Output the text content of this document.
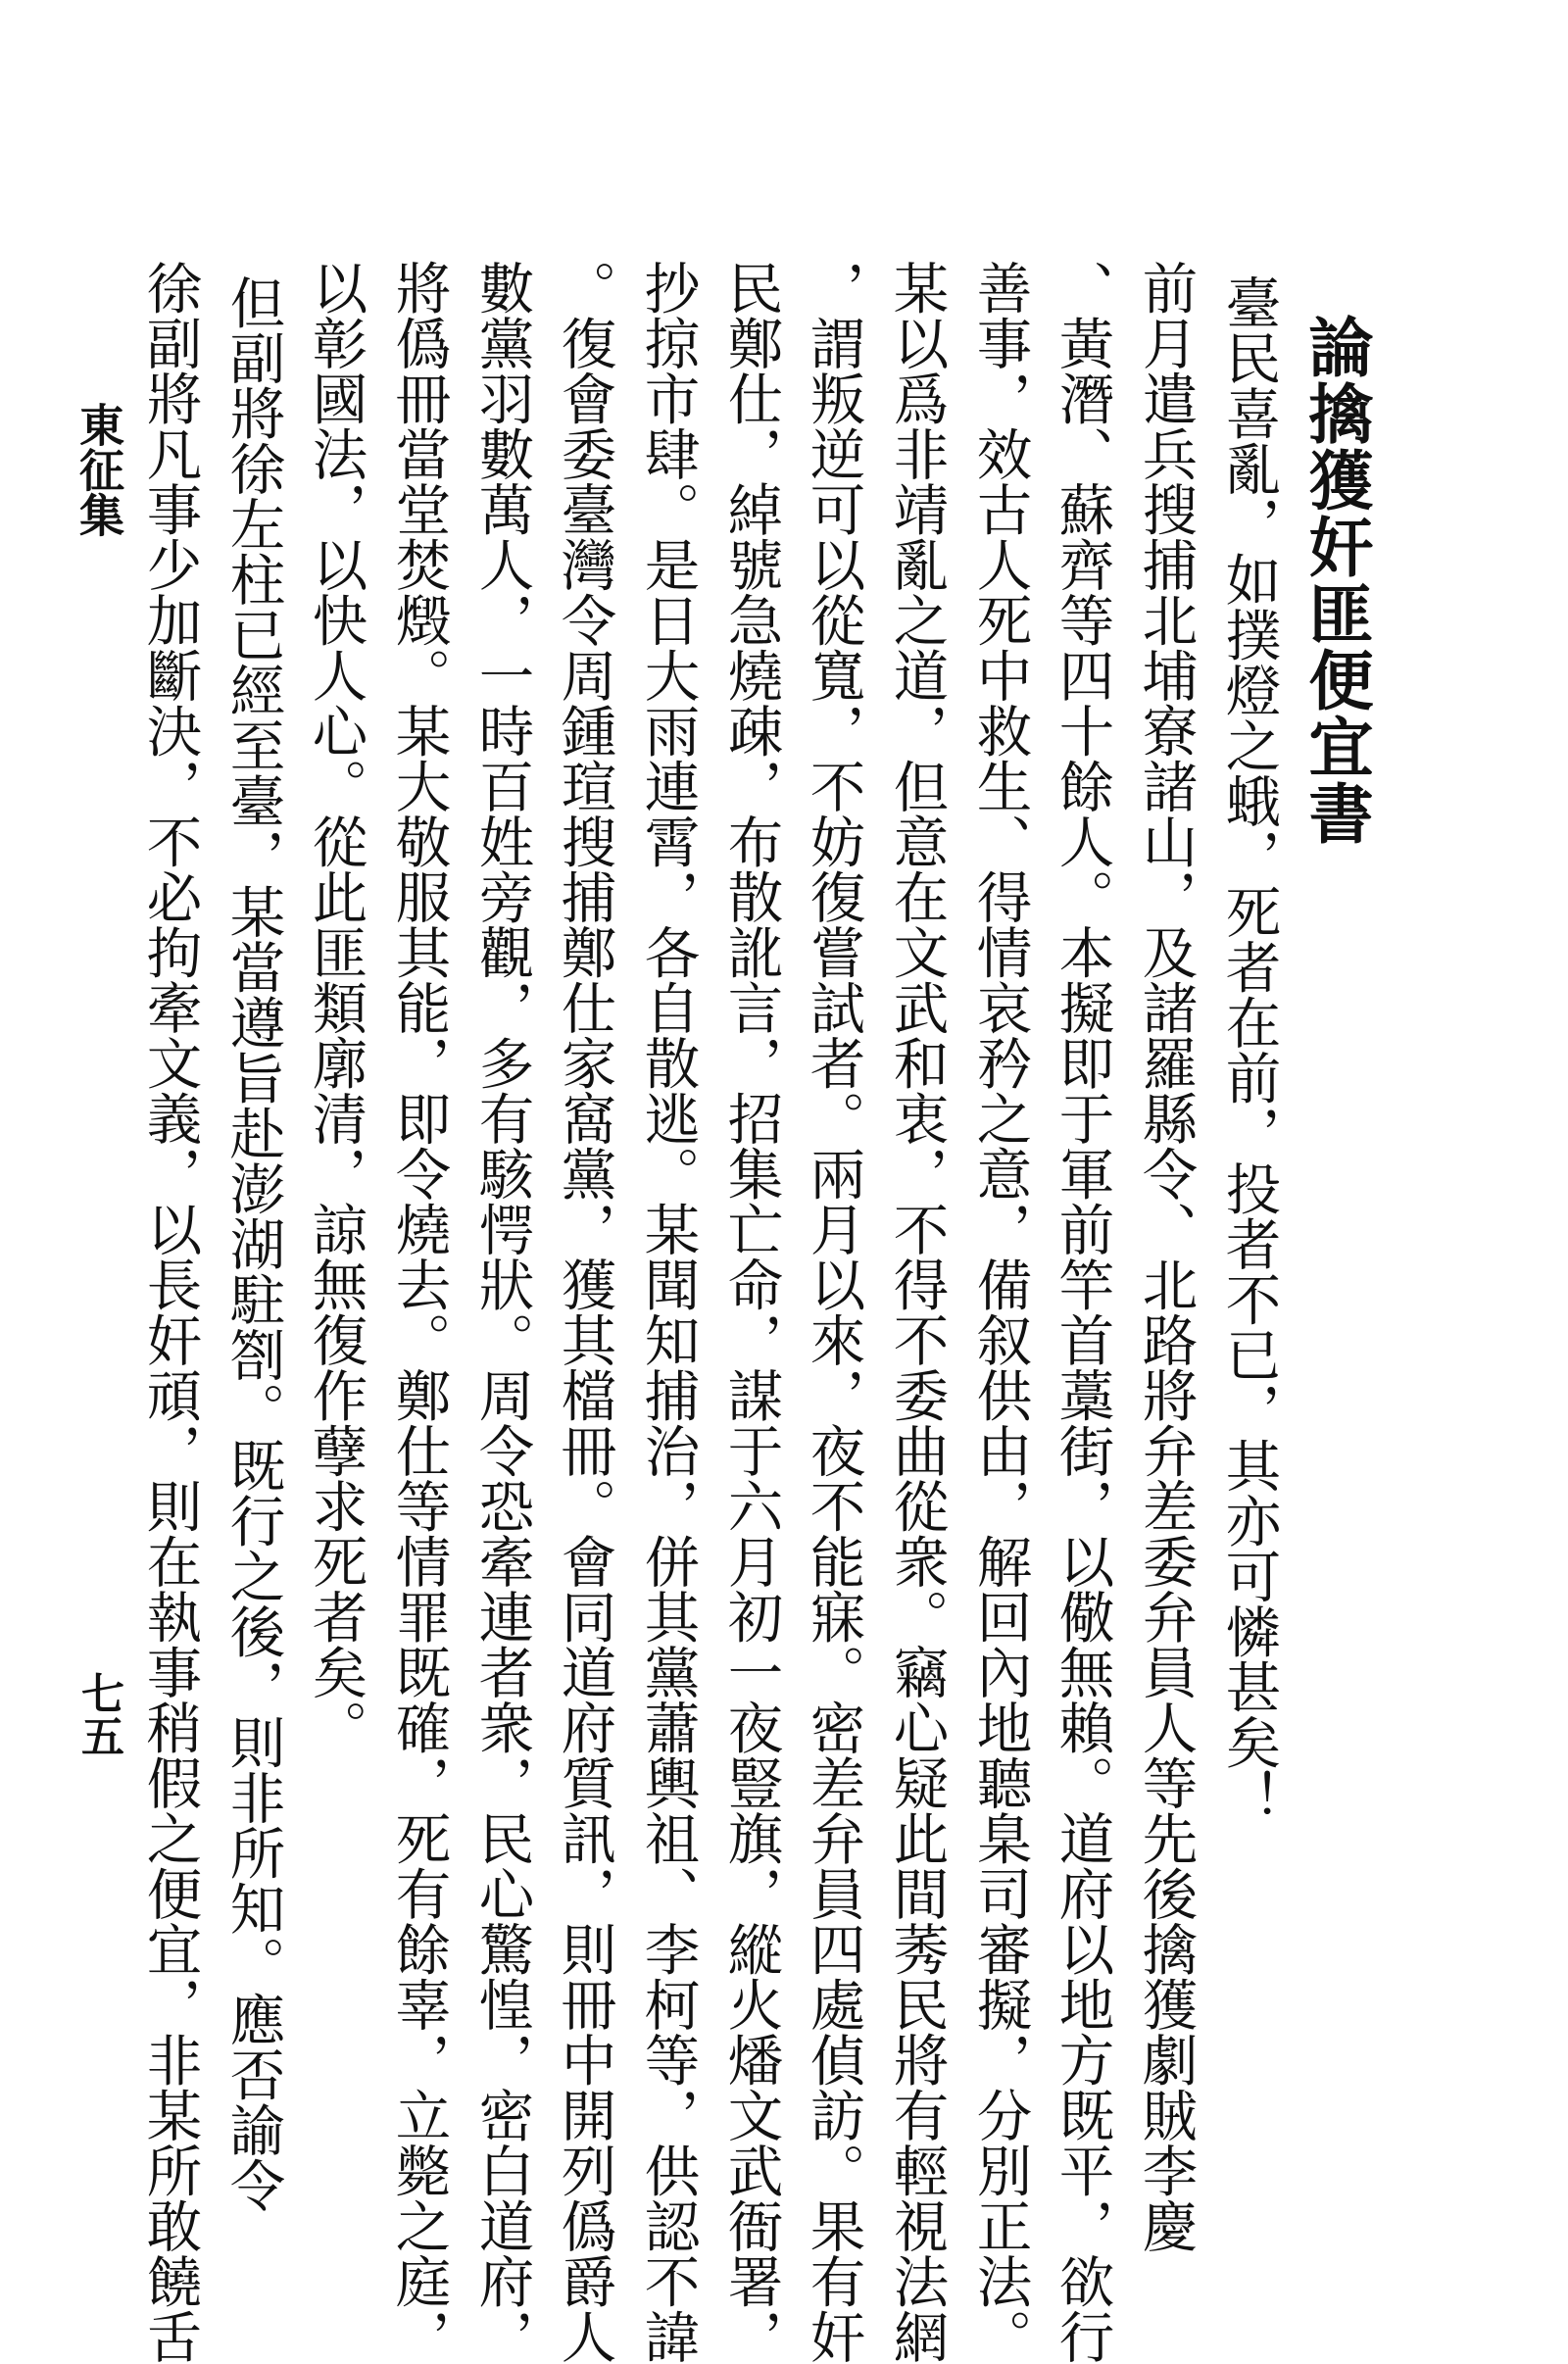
論擒獲奸匪便宜書
臺民喜亂，如撲燈之蛾，死者在前，投者不已，其亦可憐甚矣！
前月遣兵搜捕北埔寮諸山，及諸羅縣令、北路將弁差委弁員人等先後擒獲劇賊李慶
、黃潛、蘇齊等四十餘人。本擬即于軍前竿首藁街，以儆無賴。道府以地方既平，欲行
善事，效古人死中救生、得情哀矜之意，備叙供由，解回內地聽臬司審擬，分別正法。
某以爲非靖亂之道，但意在文武和衷，不得不委曲從衆。竊心疑此間莠民將有輕視法網
，謂叛逆可以從寬，不妨復嘗試者。兩月以來，夜不能寐。密差弁員四處偵訪。果有奸
民鄭仕，綽號急燒疎，布散訛言，招集亡命，謀于六月初一夜豎旗，縱火燔文武衙署，
抄掠市肆。是日大雨連霄，各自散逃。某聞知捕治，併其黨蕭輿祖、李柯等，供認不諱
。復會委臺灣令周鍾瑄搜捕鄭仕家窩黨，獲其檔冊。會同道府質訊，則冊中開列僞爵人
數黨羽數萬人，一時百姓旁觀，多有駭愕狀。周令恐牽連者衆，民心驚惶，密白道府，
將僞冊當堂焚燬。某大敬服其能，即令燒去。鄭仕等情罪既確，死有餘辜，立斃之庭，
以彰國法，以快人心。從此匪類廓清，諒無復作孽求死者矣。
但副將徐左柱已經至臺，某當遵旨赴澎湖駐劄。既行之後，則非所知。應否諭令
徐副將凡事少加斷決，不必拘牽文義，以長奸頑，則在執事稍假之便宜，非某所敢饒舌
東征集
七五
